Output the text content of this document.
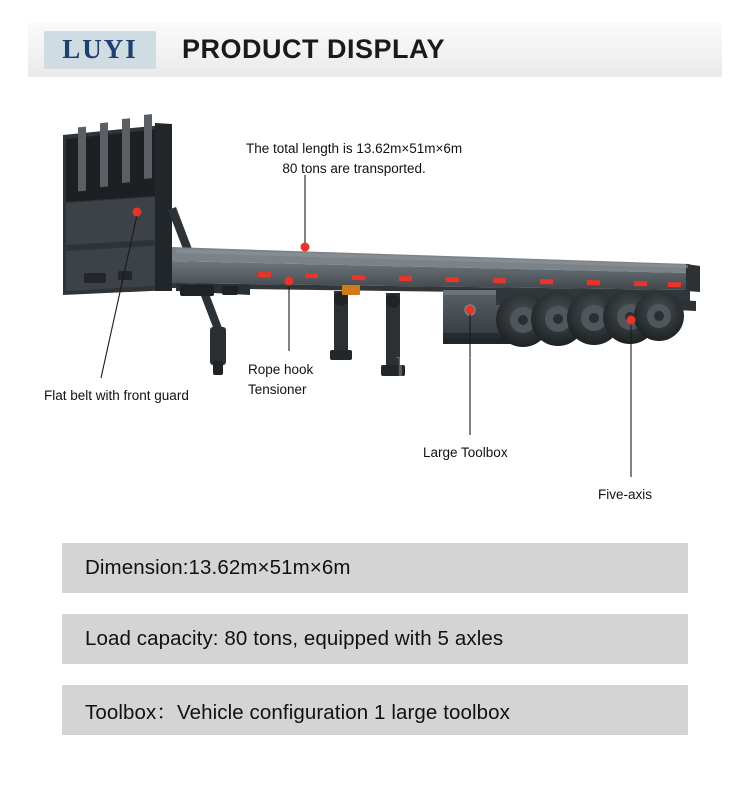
LUYI PRODUCT DISPLAY
The total length is 13.62m×51m×6m
80 tons are transported.
Flat belt with front guard
Rope hook
Tensioner
Large Toolbox
Five-axis
LUYI
Dimension:13.62m×51m×6m
Load capacity: 80 tons, equipped with 5 axles
Toolbox：Vehicle configuration 1 large toolbox
